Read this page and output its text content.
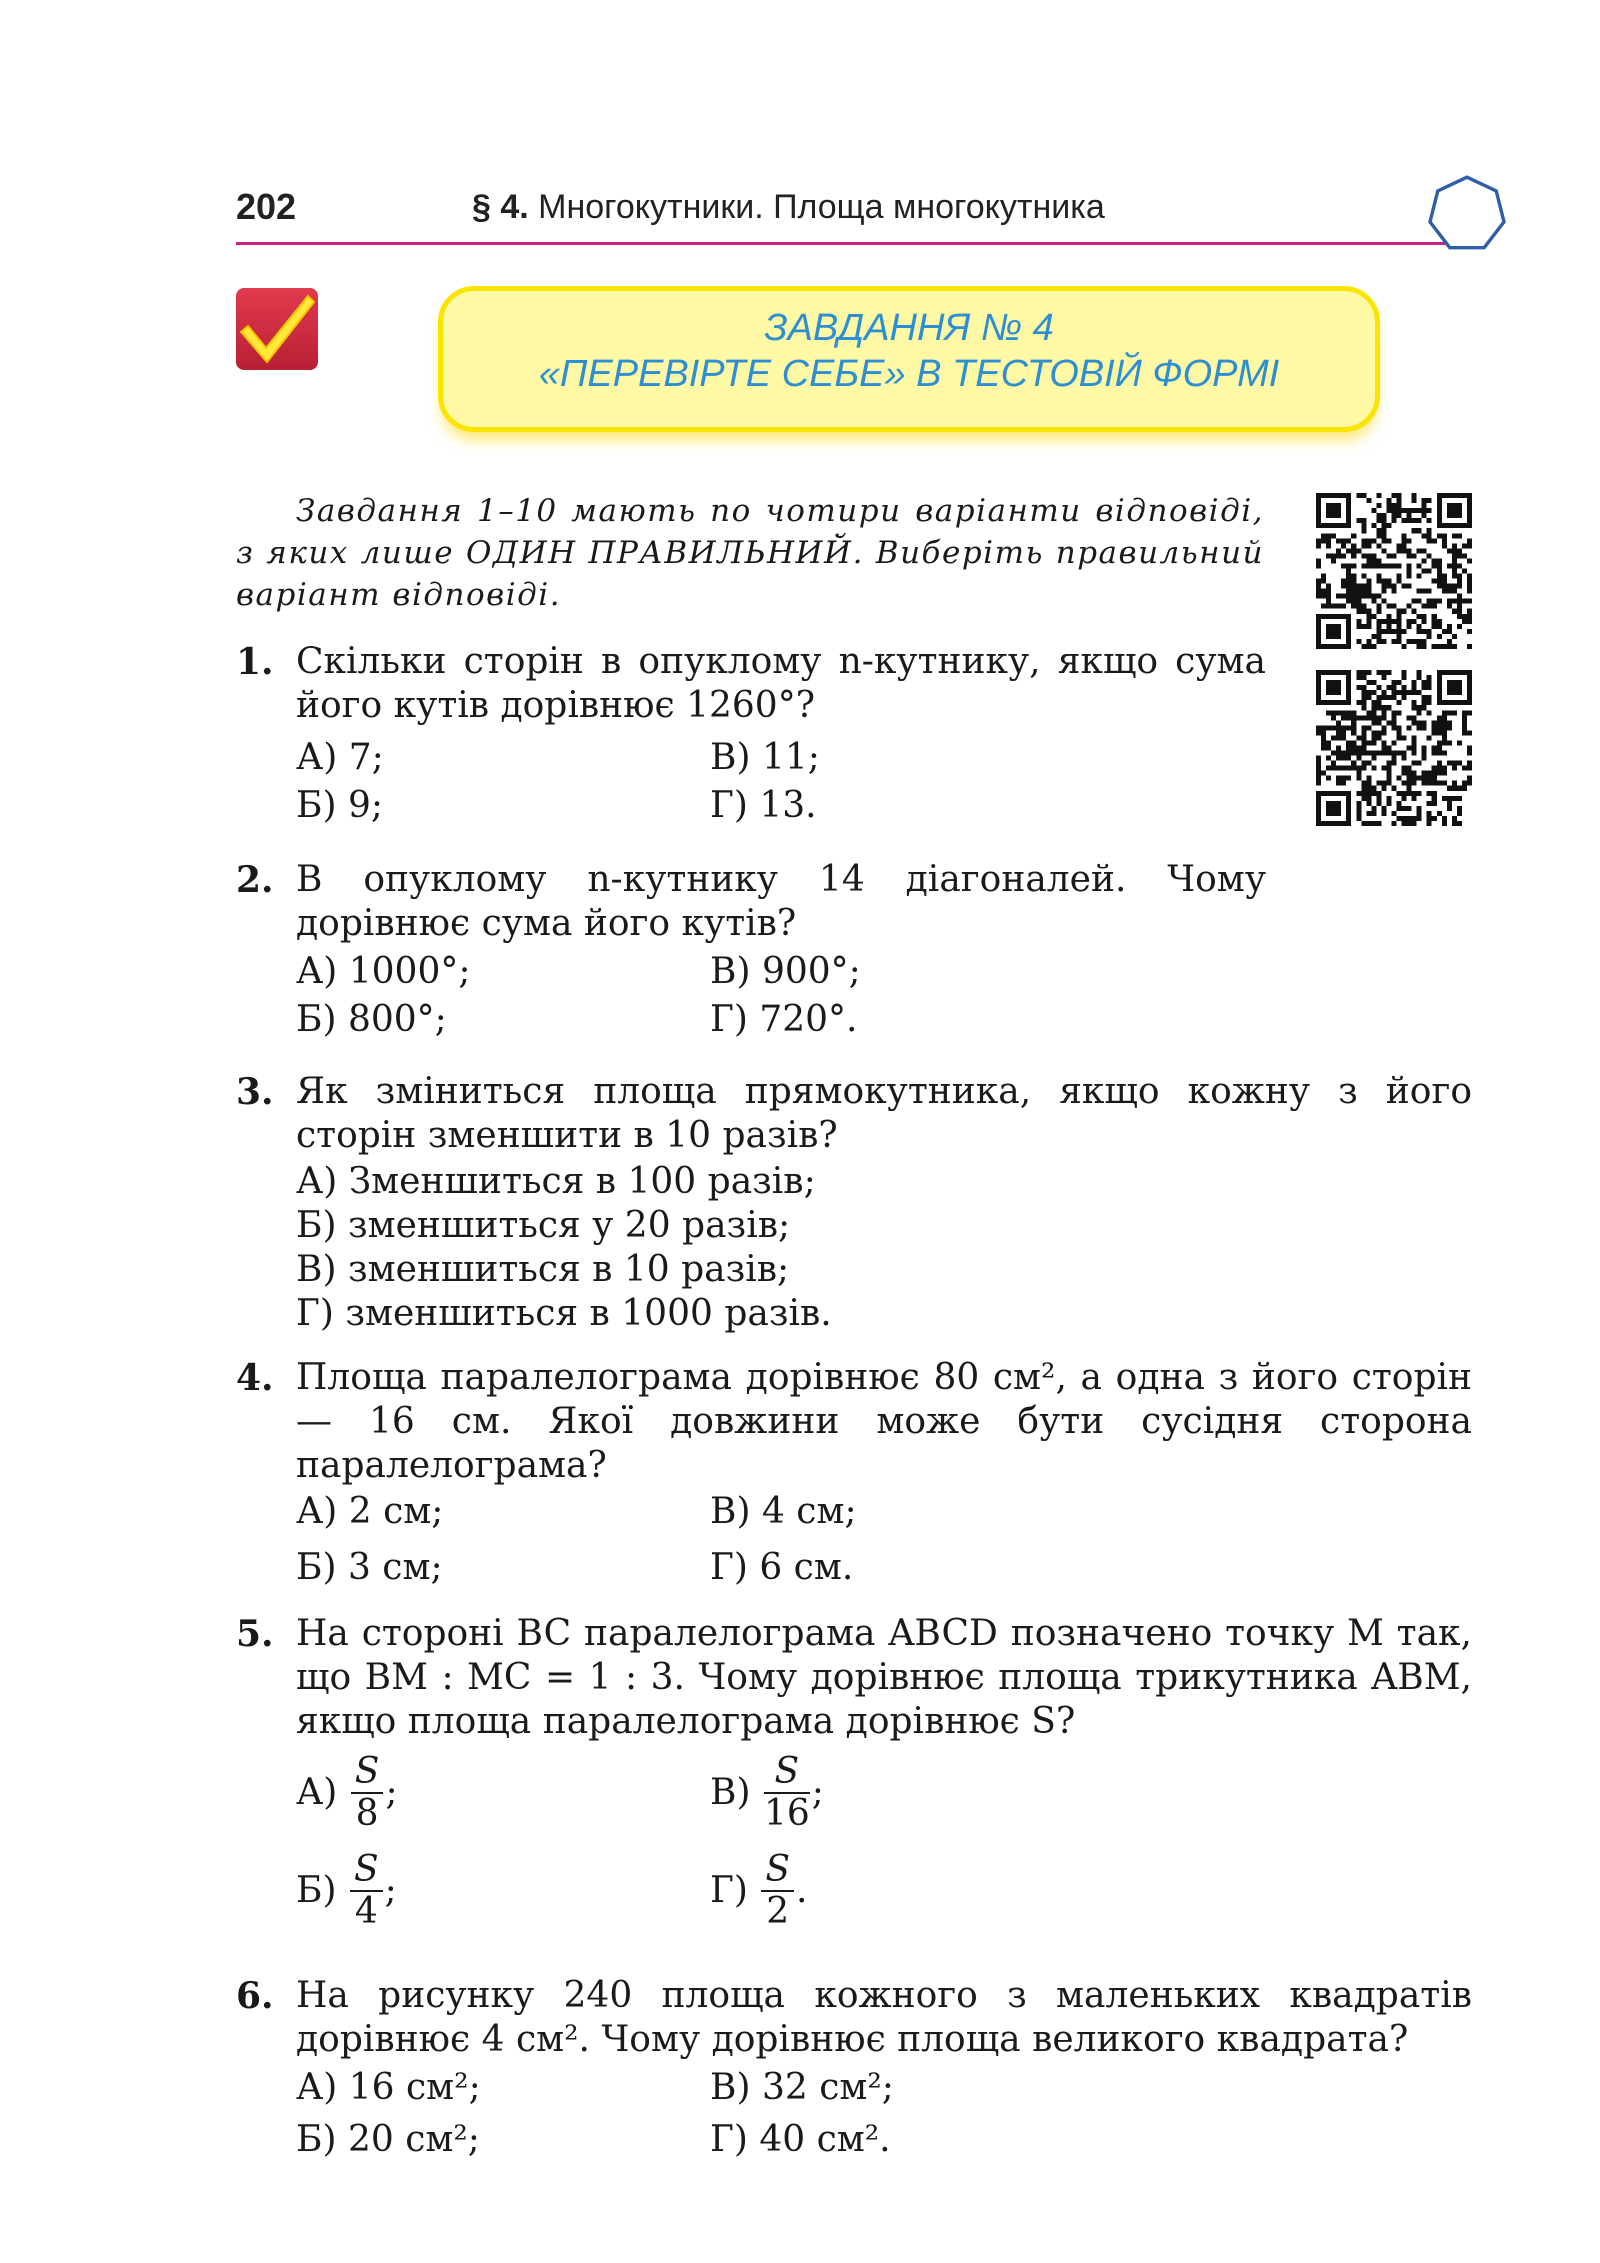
202	§ 4. Многокутники. Площа многокутника
ЗАВДАННЯ № 4
«ПЕРЕВІРТЕ СЕБЕ» В ТЕСТОВІЙ ФОРМІ

Завдання 1–10 мають по чотири варіанти відповіді, з яких лише ОДИН ПРАВИЛЬНИЙ. Виберіть правильний варіант відповіді.

1. Скільки сторін в опуклому n-кутнику, якщо сума його кутів дорівнює 1260°?
А) 7;	В) 11;
Б) 9;	Г) 13.
2. В опуклому n-кутнику 14 діагоналей. Чому дорівнює сума його кутів?
А) 1000°;	В) 900°;
Б) 800°;	Г) 720°.
3. Як зміниться площа прямокутника, якщо кожну з його сторін зменшити в 10 разів?
А) Зменшиться в 100 разів;
Б) зменшиться у 20 разів;
В) зменшиться в 10 разів;
Г) зменшиться в 1000 разів.
4. Площа паралелограма дорівнює 80 см², а одна з його сторін — 16 см. Якої довжини може бути сусідня сторона паралелограма?
А) 2 см;	В) 4 см;
Б) 3 см;	Г) 6 см.
5. На стороні BC паралелограма ABCD позначено точку M так, що BM : MC = 1 : 3. Чому дорівнює площа трикутника ABM, якщо площа паралелограма дорівнює S?
$А) \frac{S}{8}$ ;	$В) \frac{S}{16}$ ;
$Б) \frac{S}{4}$ ;	$Г) \frac{S}{2}$ .
6. На рисунку 240 площа кожного з маленьких квадратів дорівнює 4 см². Чому дорівнює площа великого квадрата?
А) 16 см²;	В) 32 см²;
Б) 20 см²;	Г) 40 см².
